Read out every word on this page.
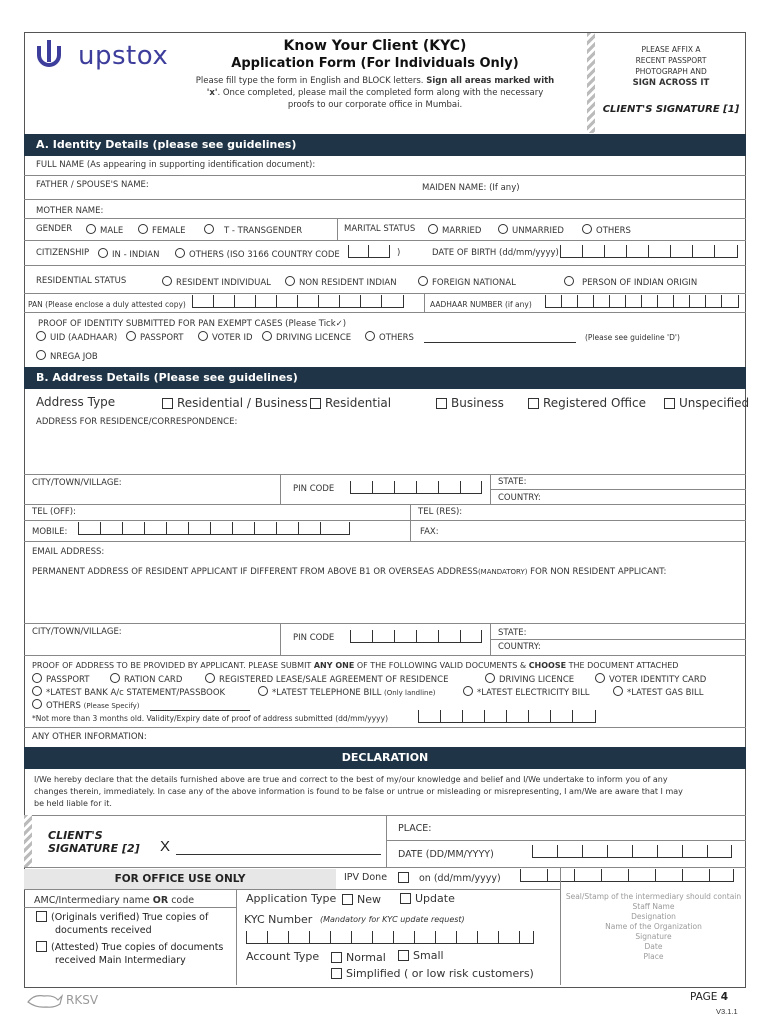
upstox	Know Your Client (KYC)
Application Form (For Individuals Only)
Please fill type the form in English and BLOCK letters. Sign all areas marked with
'x'. Once completed, please mail the completed form along with the necessary
proofs to our corporate office in Mumbai.
PLEASE AFFIX A
RECENT PASSPORT
PHOTOGRAPH AND
SIGN ACROSS IT
CLIENT'S SIGNATURE [1]
A. Identity Details (please see guidelines)
FULL NAME (As appearing in supporting identification document):
FATHER / SPOUSE'S NAME:	MAIDEN NAME: (If any)
MOTHER NAME:
GENDER	MALE	FEMALE	T - TRANSGENDER	MARITAL STATUS	MARRIED	UNMARRIED	OTHERS
CITIZENSHIP	IN - INDIAN	OTHERS (ISO 3166 COUNTRY CODE	)	DATE OF BIRTH (dd/mm/yyyy)
RESIDENTIAL STATUS	RESIDENT INDIVIDUAL	NON RESIDENT INDIAN	FOREIGN NATIONAL	PERSON OF INDIAN ORIGIN
PAN (Please enclose a duly attested copy)	AADHAAR NUMBER (if any)
PROOF OF IDENTITY SUBMITTED FOR PAN EXEMPT CASES (Please Tick✓)
UID (AADHAAR)	PASSPORT	VOTER ID	DRIVING LICENCE	OTHERS	(Please see guideline 'D')
NREGA JOB
B. Address Details (Please see guidelines)
Address Type	Residential / Business	Residential	Business	Registered Office	Unspecified
ADDRESS FOR RESIDENCE/CORRESPONDENCE:
CITY/TOWN/VILLAGE:
PIN CODE
STATE:
COUNTRY:
TEL (OFF):	TEL (RES):
MOBILE:	FAX:
EMAIL ADDRESS:
PERMANENT ADDRESS OF RESIDENT APPLICANT IF DIFFERENT FROM ABOVE B1 OR OVERSEAS ADDRESS(MANDATORY) FOR NON RESIDENT APPLICANT:
CITY/TOWN/VILLAGE:
PIN CODE	STATE:
COUNTRY:
PROOF OF ADDRESS TO BE PROVIDED BY APPLICANT. PLEASE SUBMIT ANY ONE OF THE FOLLOWING VALID DOCUMENTS & CHOOSE THE DOCUMENT ATTACHED
PASSPORT	RATION CARD	REGISTERED LEASE/SALE AGREEMENT OF RESIDENCE	DRIVING LICENCE	VOTER IDENTITY CARD
*LATEST BANK A/c STATEMENT/PASSBOOK	*LATEST TELEPHONE BILL (Only landline)	*LATEST ELECTRICITY BILL	*LATEST GAS BILL
OTHERS (Please Specify)
*Not more than 3 months old. Validity/Expiry date of proof of address submitted (dd/mm/yyyy)
ANY OTHER INFORMATION:
DECLARATION
I/We hereby declare that the details furnished above are true and correct to the best of my/our knowledge and belief and I/We undertake to inform you of any
changes therein, immediately. In case any of the above information is found to be false or untrue or misleading or misrepresenting, I am/We are aware that I may
be held liable for it.
CLIENT'S
SIGNATURE [2] X
PLACE:
DATE (DD/MM/YYYY)
FOR OFFICE USE ONLY	IPV Done	on (dd/mm/yyyy)
AMC/Intermediary name OR code
(Originals verified) True copies of
documents received
(Attested) True copies of documents
received Main Intermediary
Application Type	New	Update
KYC Number (Mandatory for KYC update request)
Account Type	Normal	Small
Simplified ( or low risk customers)
Seal/Stamp of the intermediary should contain
Staff Name
Designation
Name of the Organization
Signature
Date
Place
RKSV	PAGE 4
V3.1.1
